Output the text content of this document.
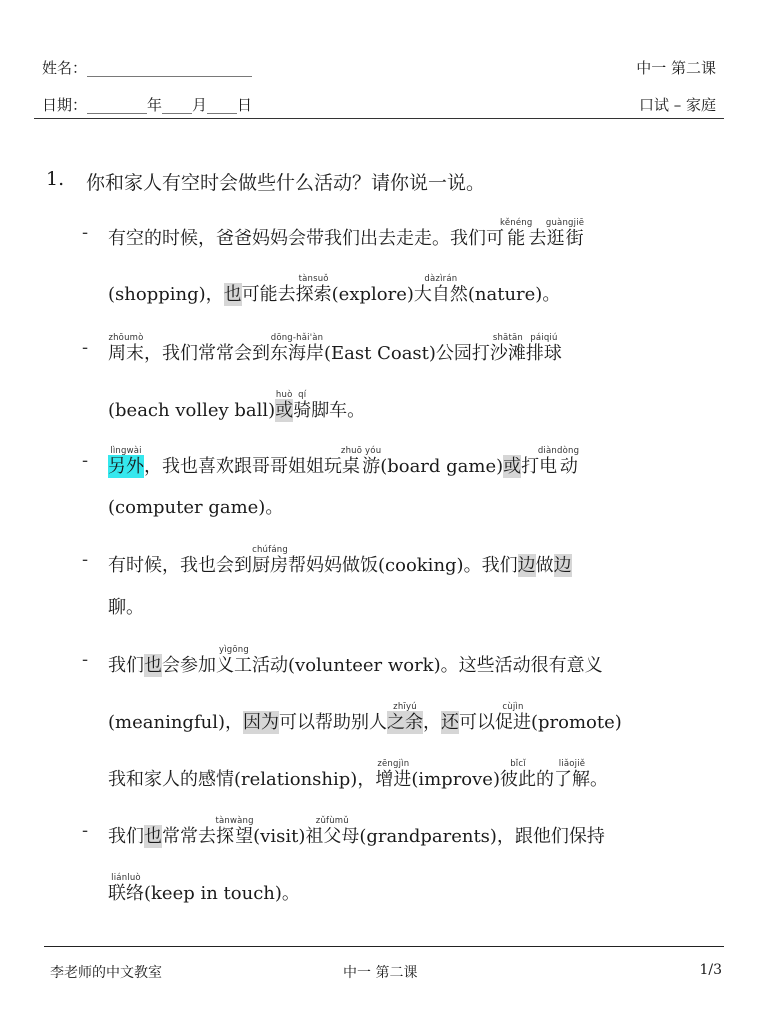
姓名：______________________
日期：________年____月____日
中一 第二课
口试 – 家庭
1. 你和家人有空时会做些什么活动？请你说一说。
- 有空的时候，爸爸妈妈会带我们出去走走。我们可能kěnéng去逛街guàngjiē
(shopping)，也可能去探索tànsuǒ(explore)大自然dàzìrán(nature)。
- 周末zhōumò，我们常常会到东海岸dōng-hǎi'àn(East Coast)公园打沙滩shātān排球páiqiú
(beach volley ball)或huò骑qí脚车。
- 另外lìngwài，我也喜欢跟哥哥姐姐玩桌游zhuō yóu(board game)或打电动diàndòng
(computer game)。
- 有时候，我也会到厨房chúfáng帮妈妈做饭(cooking)。我们边做边
聊。
- 我们也会参加义工yìgōng活动(volunteer work)。这些活动很有意义
(meaningful)，因为可以帮助别人之余zhīyú，还可以促进cùjìn(promote)
我和家人的感情(relationship)，增进zēngjìn(improve)彼此bǐcǐ的了解liǎojiě。
- 我们也常常去探望tànwàng(visit)祖父母zǔfùmǔ(grandparents)，跟他们保持
联络liánluò(keep in touch)。
李老师的中文教室	中一 第二课	1/3
